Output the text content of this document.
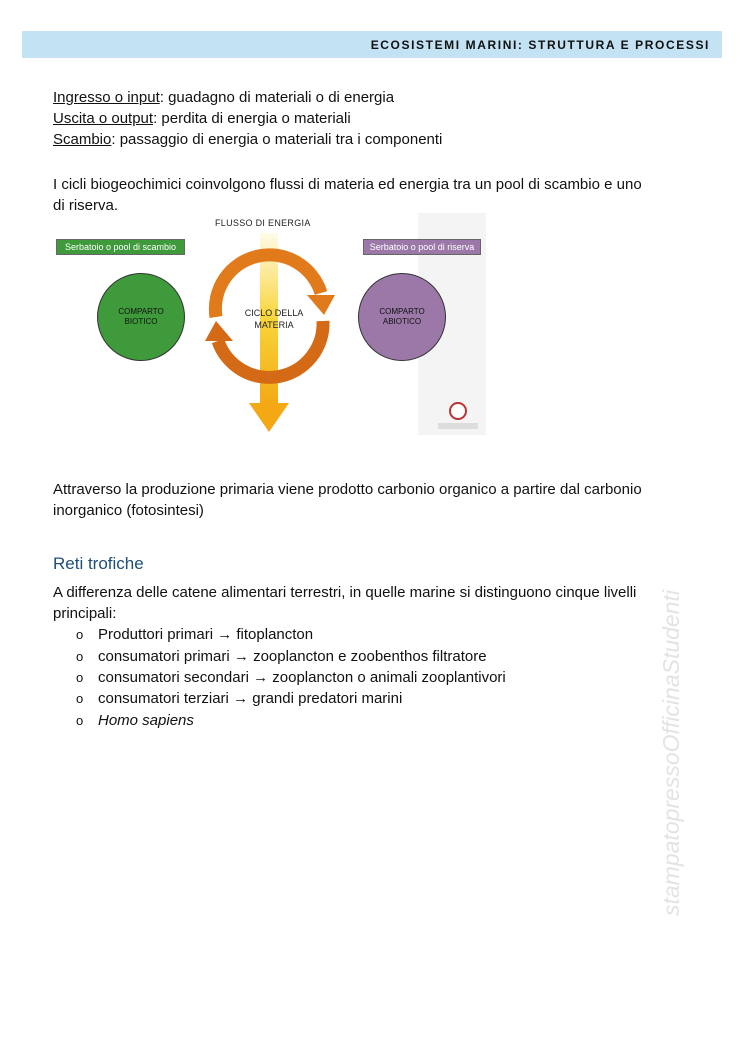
ECOSISTEMI MARINI: STRUTTURA E PROCESSI
Ingresso o input: guadagno di materiali o di energia
Uscita o output: perdita di energia o materiali
Scambio: passaggio di energia o materiali tra i componenti
I cicli biogeochimici coinvolgono flussi di materia ed energia tra un pool di scambio e uno
di riserva.
FLUSSO DI ENERGIA
Serbatoio o pool di scambio	Serbatoio o pool di riserva
COMPARTO
BIOTICO
COMPARTO
ABIOTICO
CICLO DELLA
MATERIA
Attraverso la produzione primaria viene prodotto carbonio organico a partire dal carbonio
inorganico (fotosintesi)
Reti trofiche
A differenza delle catene alimentari terrestri, in quelle marine si distinguono cinque livelli
principali:
o Produttori primari → fitoplancton
o consumatori primari → zooplancton e zoobenthos filtratore
o consumatori secondari → zooplancton o animali zooplantivori
o consumatori terziari → grandi predatori marini
o Homo sapiens	stampatopressoOfficinaStudenti
